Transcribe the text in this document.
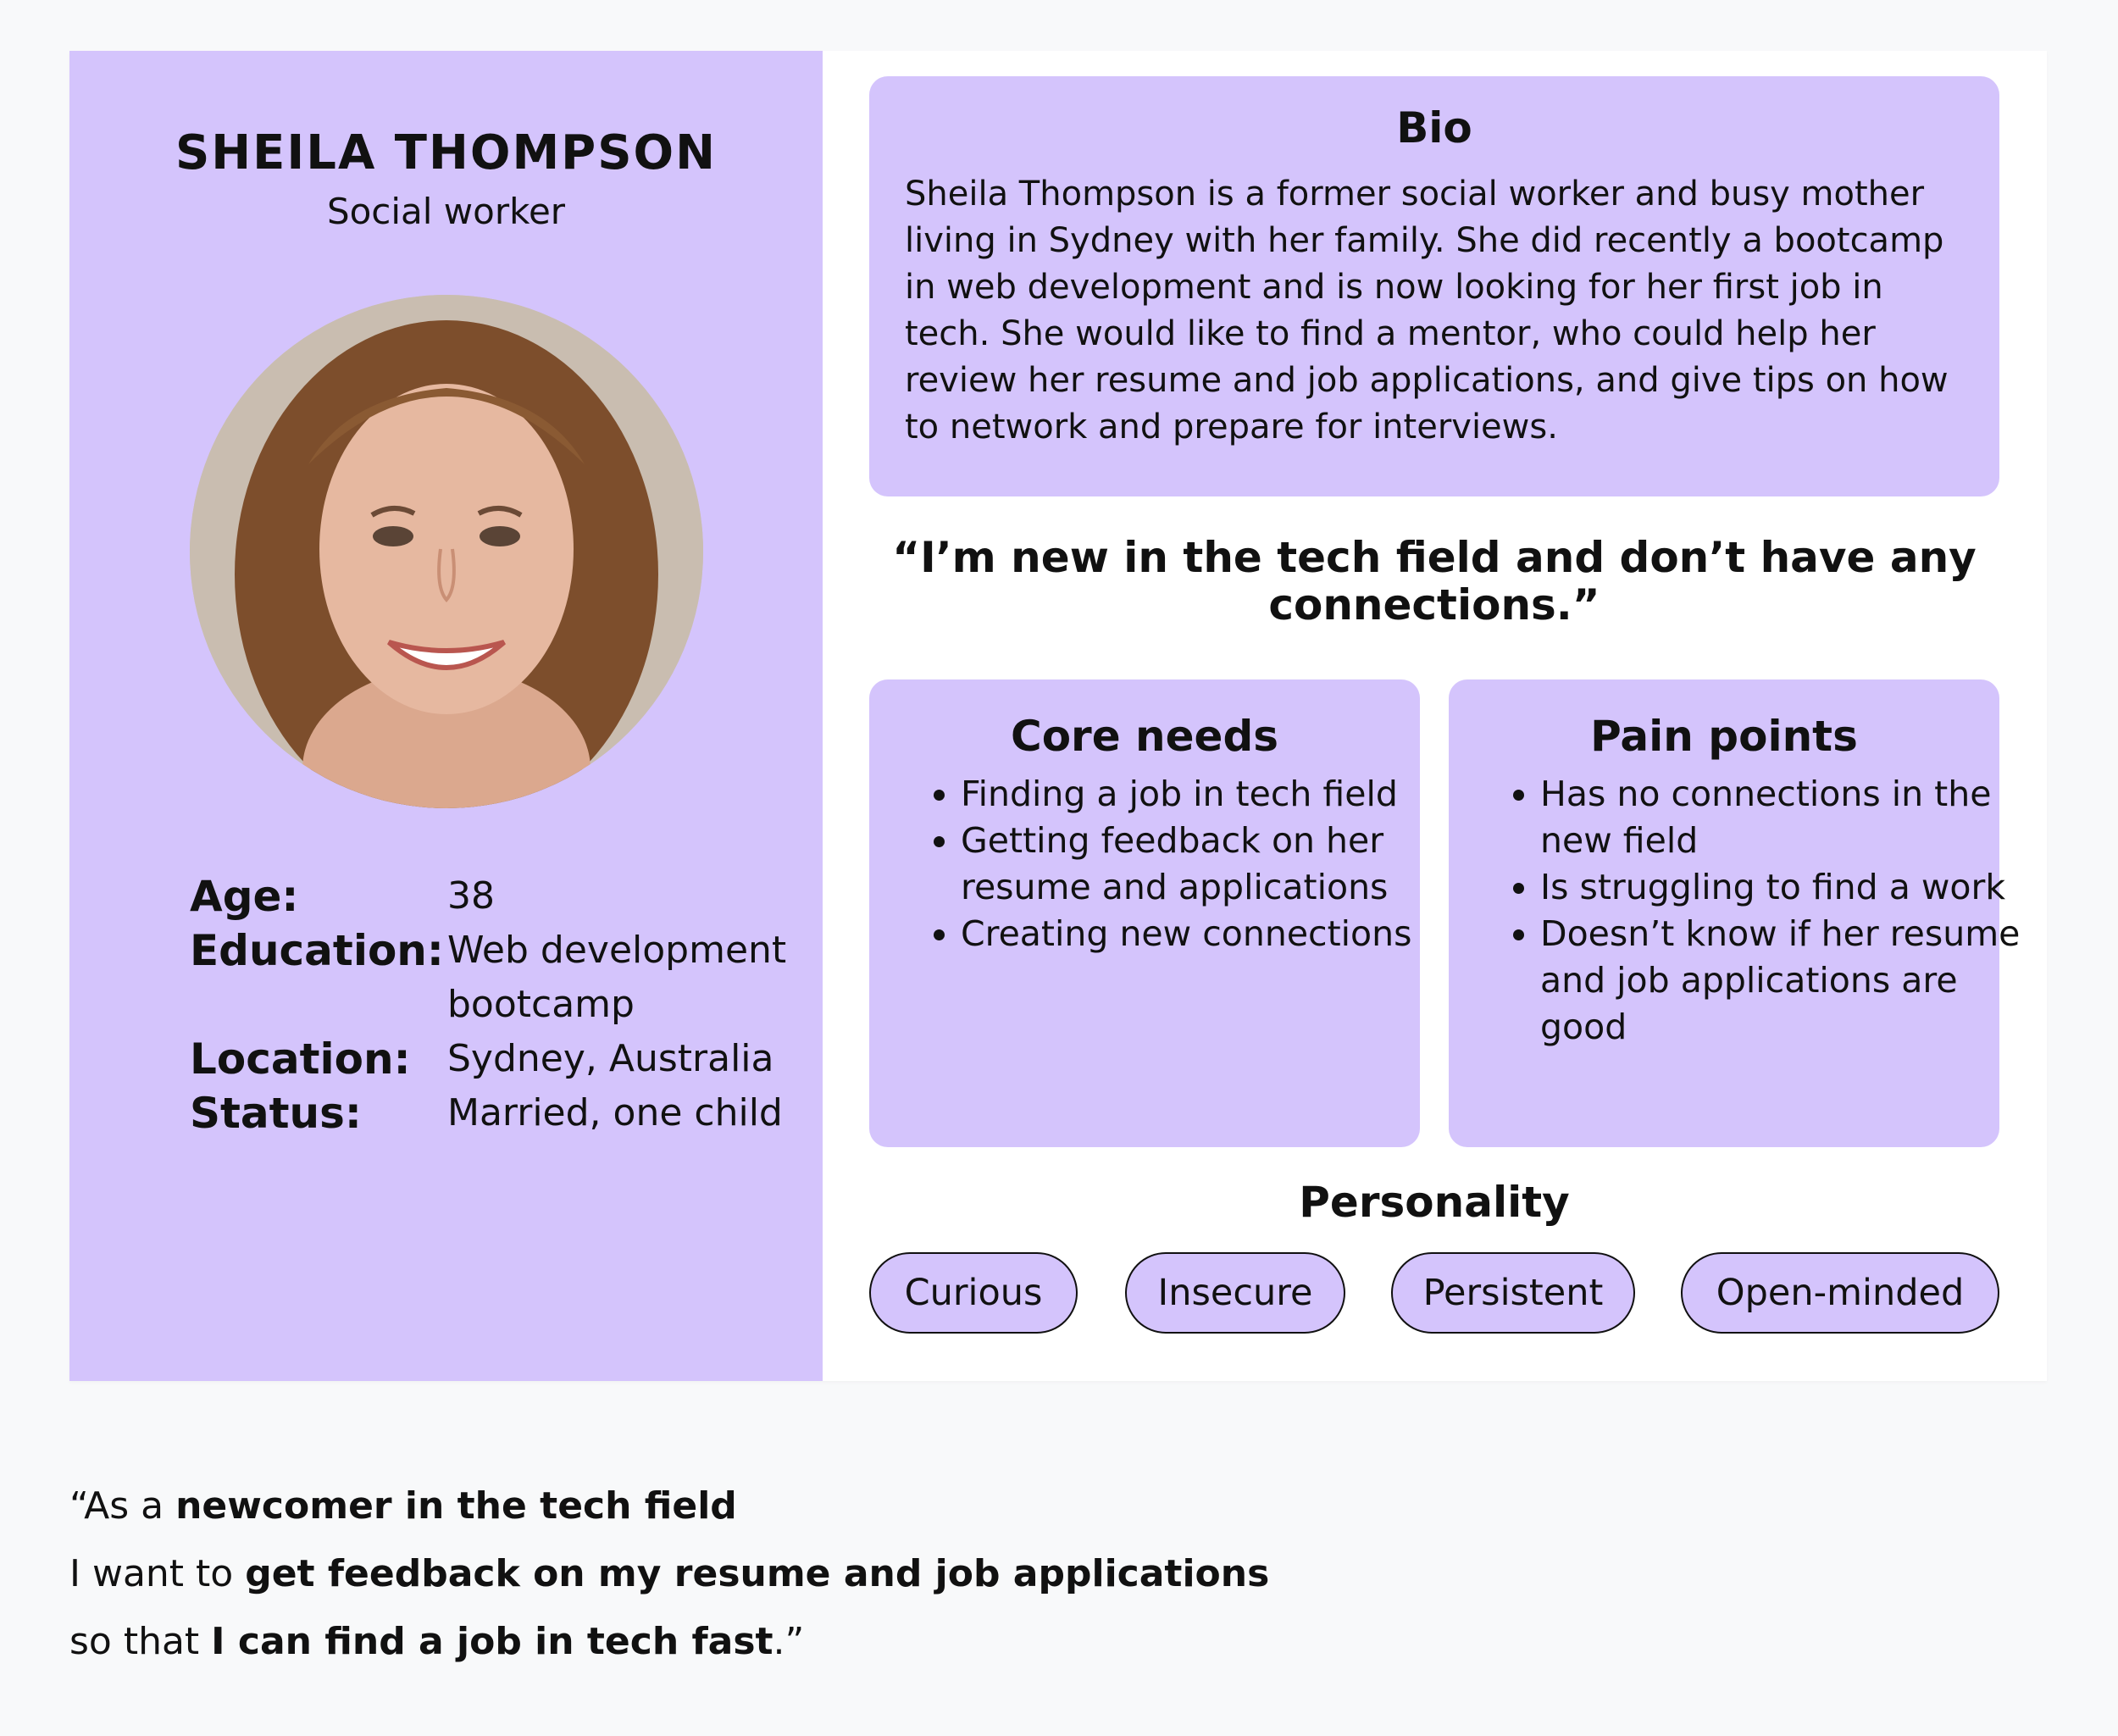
SHEILA THOMPSON
Social worker
Age:	38
Education: Web development bootcamp
Location: Sydney, Australia
Status:	Married, one child
Bio
Sheila Thompson is a former social worker and busy mother living in Sydney with her family. She did recently a bootcamp in web development and is now looking for her first job in tech. She would like to find a mentor, who could help her review her resume and job applications, and give tips on how to network and prepare for interviews.
“I’m new in the tech field and don’t have any connections.”
Core needs
• Finding a job in tech field
• Getting feedback on her resume and applications
• Creating new connections
Pain points
• Has no connections in the new field
• Is struggling to find a work
• Doesn’t know if her resume and job applications are good
Personality
Curious	Insecure	Persistent	Open-minded
“As a newcomer in the tech field
I want to get feedback on my resume and job applications
so that I can find a job in tech fast.”
